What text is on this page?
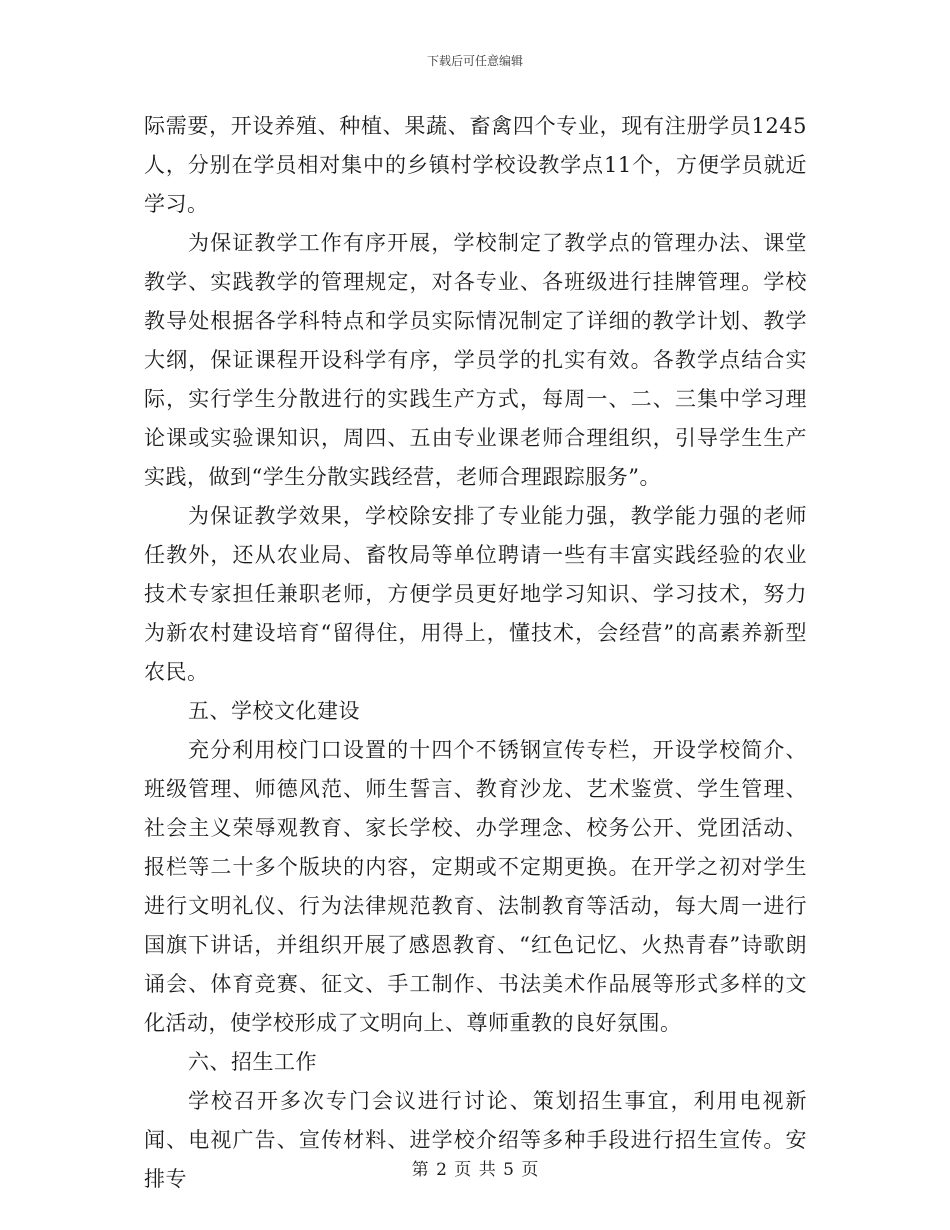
下载后可任意编辑

际需要，开设养殖、种植、果蔬、畜禽四个专业，现有注册学员1245人，分别在学员相对集中的乡镇村学校设教学点11个，方便学员就近学习。

为保证教学工作有序开展，学校制定了教学点的管理办法、课堂教学、实践教学的管理规定，对各专业、各班级进行挂牌管理。学校教导处根据各学科特点和学员实际情况制定了详细的教学计划、教学大纲，保证课程开设科学有序，学员学的扎实有效。各教学点结合实际，实行学生分散进行的实践生产方式，每周一、二、三集中学习理论课或实验课知识，周四、五由专业课老师合理组织，引导学生生产实践，做到“学生分散实践经营，老师合理跟踪服务”。

为保证教学效果，学校除安排了专业能力强，教学能力强的老师任教外，还从农业局、畜牧局等单位聘请一些有丰富实践经验的农业技术专家担任兼职老师，方便学员更好地学习知识、学习技术，努力为新农村建设培育“留得住，用得上，懂技术，会经营”的高素养新型农民。

五、学校文化建设

充分利用校门口设置的十四个不锈钢宣传专栏，开设学校简介、班级管理、师德风范、师生誓言、教育沙龙、艺术鉴赏、学生管理、社会主义荣辱观教育、家长学校、办学理念、校务公开、党团活动、报栏等二十多个版块的内容，定期或不定期更换。在开学之初对学生进行文明礼仪、行为法律规范教育、法制教育等活动，每大周一进行国旗下讲话，并组织开展了感恩教育、“红色记忆、火热青春”诗歌朗诵会、体育竞赛、征文、手工制作、书法美术作品展等形式多样的文化活动，使学校形成了文明向上、尊师重教的良好氛围。

六、招生工作

学校召开多次专门会议进行讨论、策划招生事宜，利用电视新闻、电视广告、宣传材料、进学校介绍等多种手段进行招生宣传。安排专	第 2 页 共 5 页
